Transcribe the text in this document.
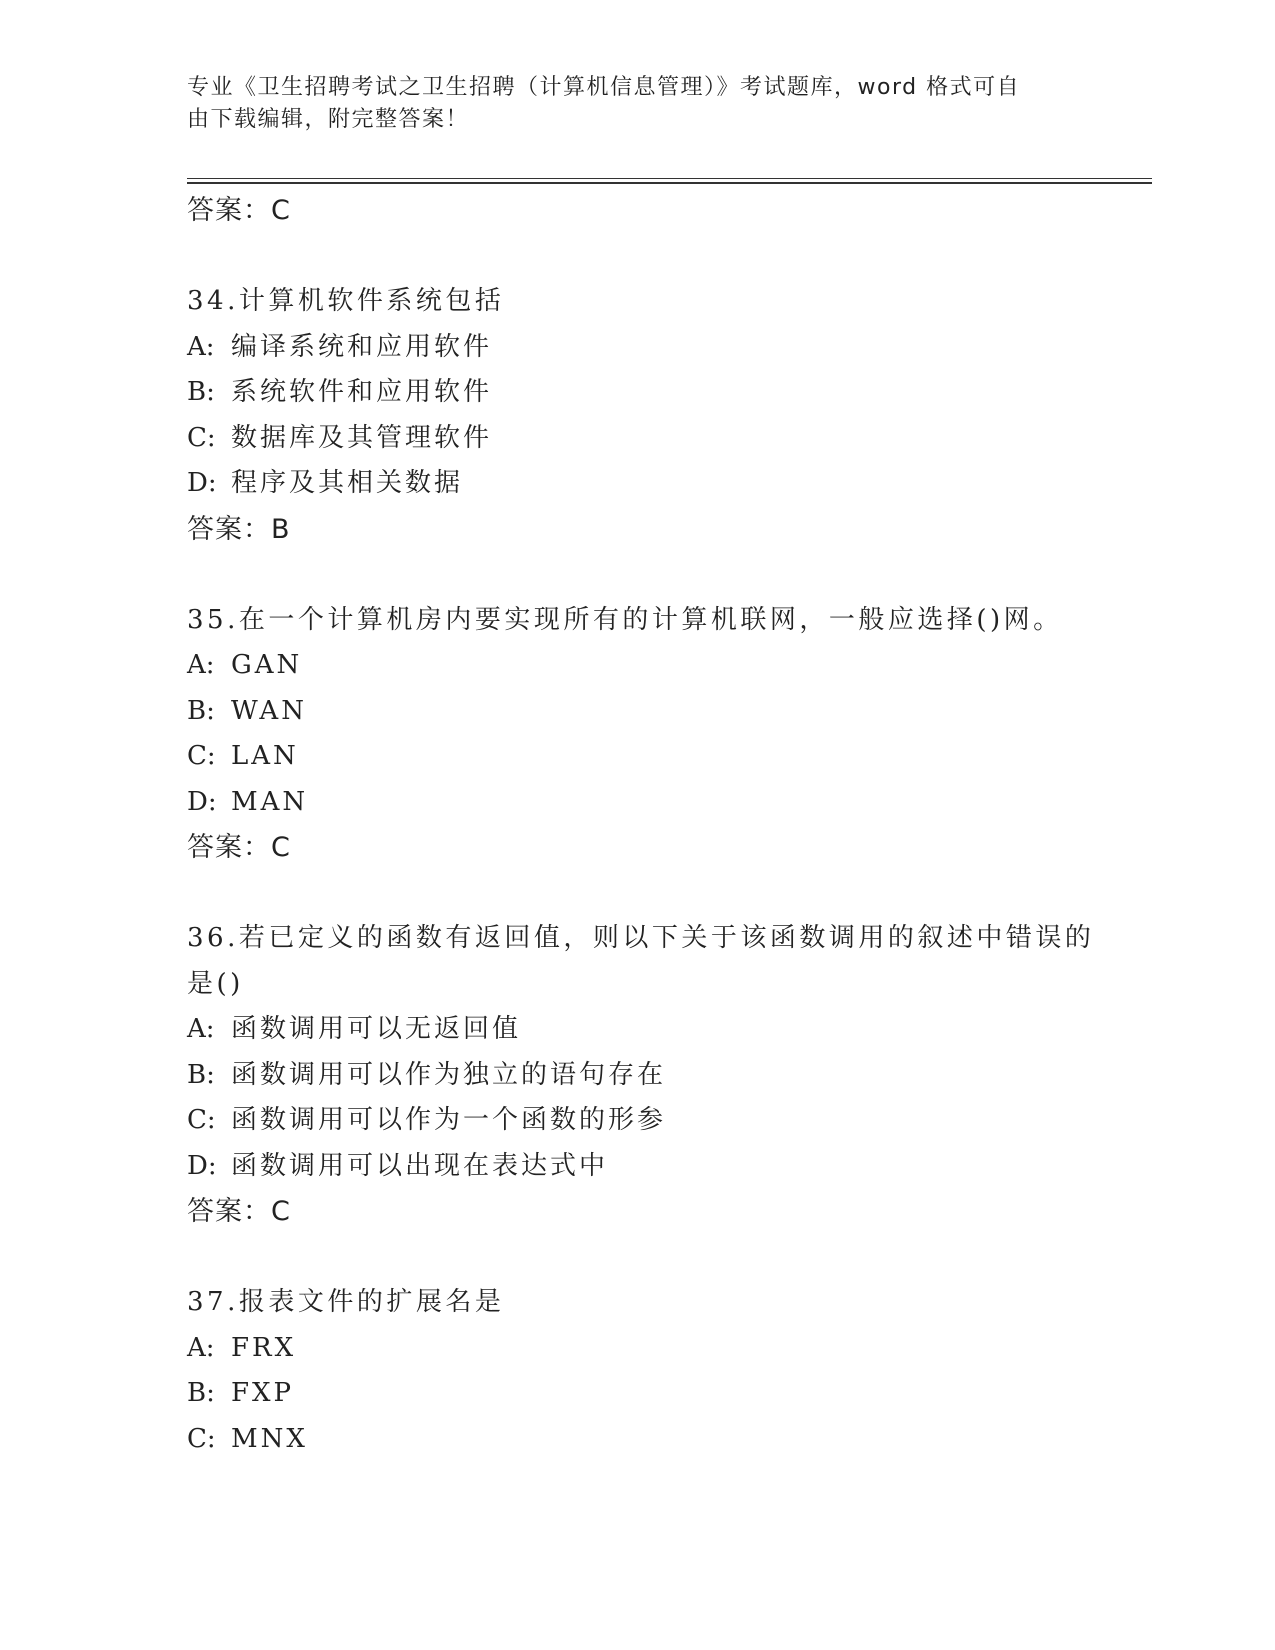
专业《卫生招聘考试之卫生招聘（计算机信息管理）》考试题库，word 格式可自
由下载编辑，附完整答案！
答案：C
34.计算机软件系统包括
A: 编译系统和应用软件
B: 系统软件和应用软件
C: 数据库及其管理软件
D: 程序及其相关数据
答案：B
35.在一个计算机房内要实现所有的计算机联网，一般应选择()网。
A: GAN
B: WAN
C: LAN
D: MAN
答案：C
36.若已定义的函数有返回值，则以下关于该函数调用的叙述中错误的
是()
A: 函数调用可以无返回值
B: 函数调用可以作为独立的语句存在
C: 函数调用可以作为一个函数的形参
D: 函数调用可以出现在表达式中
答案：C
37.报表文件的扩展名是
A: FRX
B: FXP
C: MNX
